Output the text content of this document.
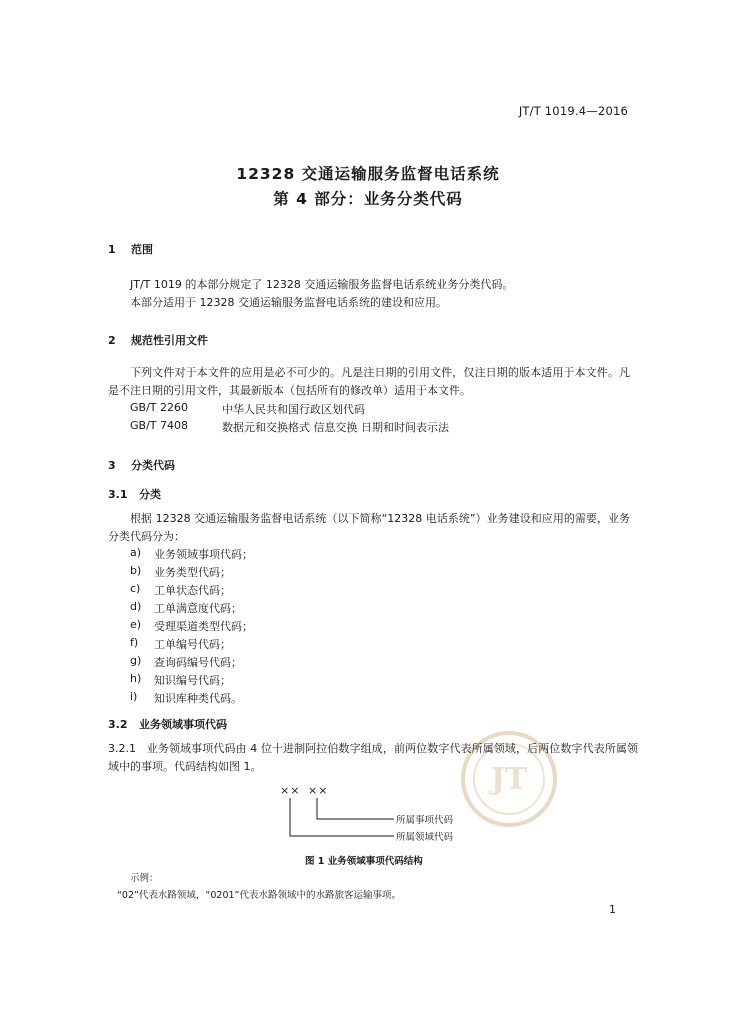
JT
JT/T 1019.4—2016
12328 交通运输服务监督电话系统
第 4 部分：业务分类代码
1 范围
JT/T 1019 的本部分规定了 12328 交通运输服务监督电话系统业务分类代码。
本部分适用于 12328 交通运输服务监督电话系统的建设和应用。
2 规范性引用文件
下列文件对于本文件的应用是必不可少的。凡是注日期的引用文件，仅注日期的版本适用于本文件。凡是不注日期的引用文件，其最新版本（包括所有的修改单）适用于本文件。
GB/T 2260	中华人民共和国行政区划代码
GB/T 7408	数据元和交换格式 信息交换 日期和时间表示法
3 分类代码
3.1 分类
根据 12328 交通运输服务监督电话系统（以下简称“12328 电话系统”）业务建设和应用的需要，业务分类代码分为：
a) 业务领域事项代码；
b) 业务类型代码；
c) 工单状态代码；
d) 工单满意度代码；
e) 受理渠道类型代码；
f) 工单编号代码；
g) 查询码编号代码；
h) 知识编号代码；
i) 知识库种类代码。
3.2 业务领域事项代码
3.2.1 业务领域事项代码由 4 位十进制阿拉伯数字组成，前两位数字代表所属领域，后两位数字代表所属领域中的事项。代码结构如图 1。
×× ××
所属事项代码
所属领域代码
图 1 业务领域事项代码结构
示例：
“02”代表水路领域，“0201”代表水路领域中的水路旅客运输事项。
1
